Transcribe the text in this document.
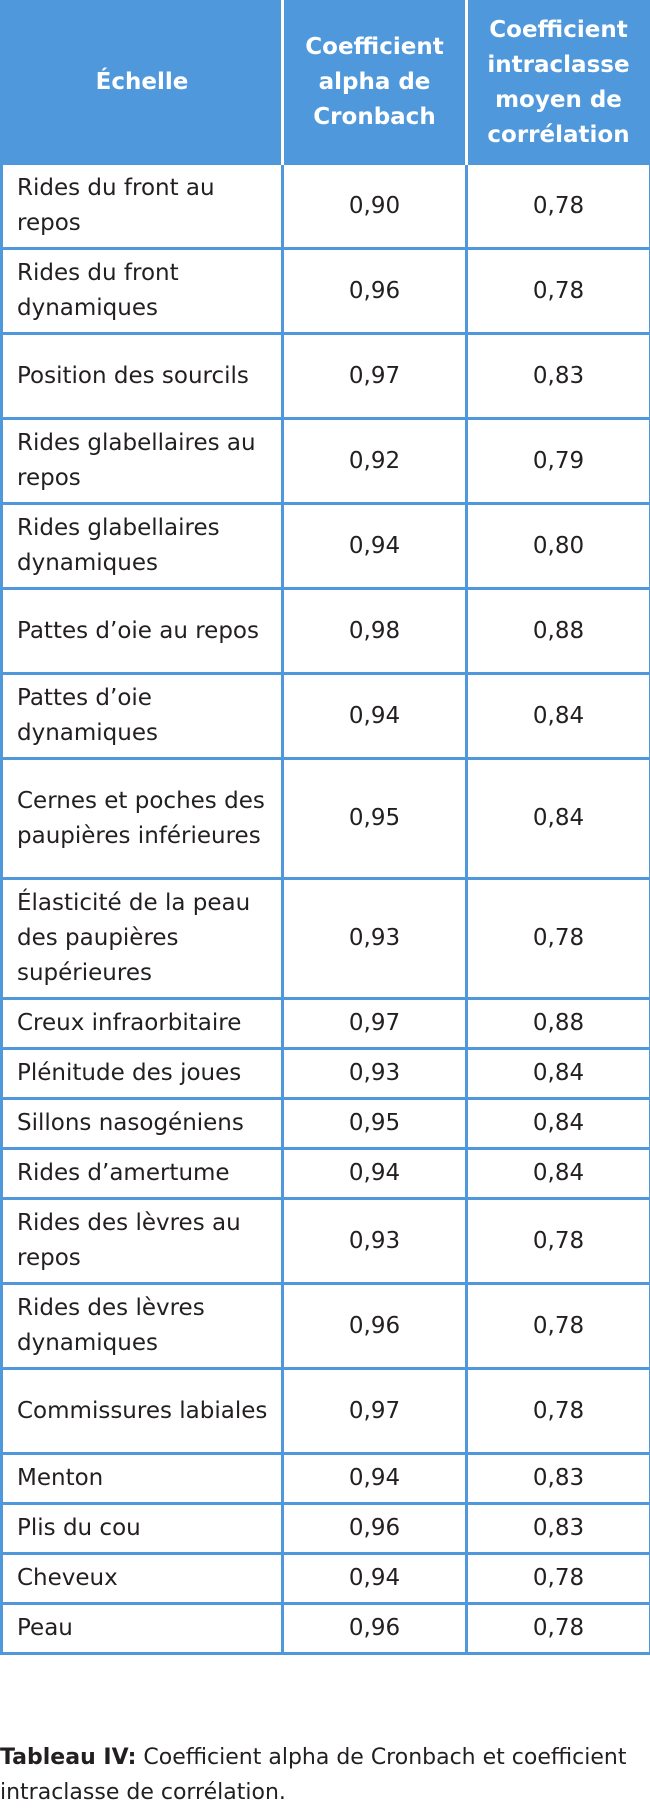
Échelle	Coefficient alpha de Cronbach	Coefficient intraclasse moyen de corrélation
Rides du front au repos	0,90	0,78
Rides du front dynamiques	0,96	0,78
Position des sourcils	0,97	0,83
Rides glabellaires au repos	0,92	0,79
Rides glabellaires dynamiques	0,94	0,80
Pattes d’oie au repos	0,98	0,88
Pattes d’oie dynamiques	0,94	0,84
Cernes et poches des paupières inférieures	0,95	0,84
Élasticité de la peau des paupières supérieures	0,93	0,78
Creux infraorbitaire	0,97	0,88
Plénitude des joues	0,93	0,84
Sillons nasogéniens	0,95	0,84
Rides d’amertume	0,94	0,84
Rides des lèvres au repos	0,93	0,78
Rides des lèvres dynamiques	0,96	0,78
Commissures labiales	0,97	0,78
Menton	0,94	0,83
Plis du cou	0,96	0,83
Cheveux	0,94	0,78
Peau	0,96	0,78

Tableau IV: Coefficient alpha de Cronbach et coefficient intraclasse de corrélation.
